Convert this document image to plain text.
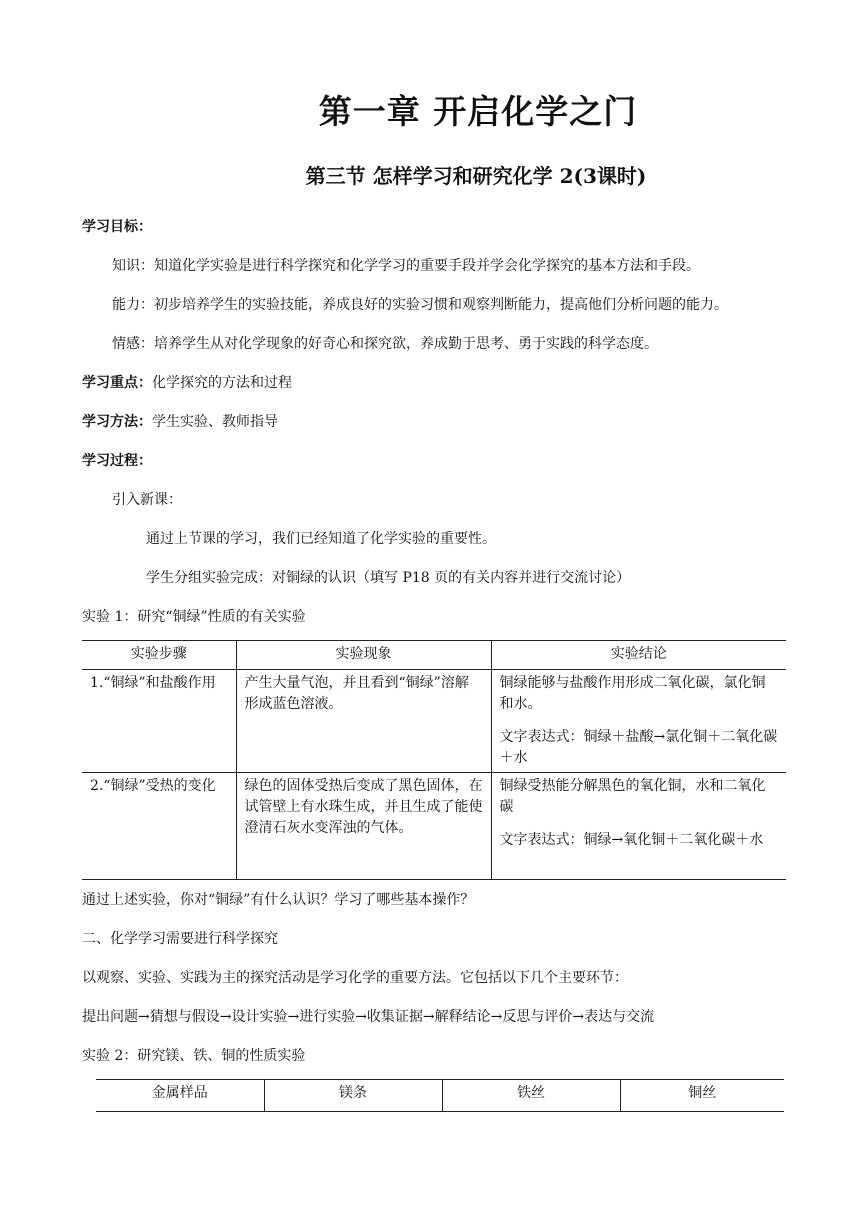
第一章 开启化学之门
第三节 怎样学习和研究化学 2(3课时)
学习目标：
知识：知道化学实验是进行科学探究和化学学习的重要手段并学会化学探究的基本方法和手段。
能力：初步培养学生的实验技能，养成良好的实验习惯和观察判断能力，提高他们分析问题的能力。
情感：培养学生从对化学现象的好奇心和探究欲，养成勤于思考、勇于实践的科学态度。
学习重点：化学探究的方法和过程
学习方法：学生实验、教师指导
学习过程：
引入新课：
通过上节课的学习，我们已经知道了化学实验的重要性。
学生分组实验完成：对铜绿的认识（填写 P18 页的有关内容并进行交流讨论）
实验 1：研究“铜绿”性质的有关实验
实验步骤	实验现象	实验结论

1.“铜绿”和盐酸作用	产生大量气泡，并且看到“铜绿”溶解形成蓝色溶液。	铜绿能够与盐酸作用形成二氧化碳，氯化铜和水。

文字表达式：铜绿＋盐酸→氯化铜＋二氧化碳＋水

2.“铜绿”受热的变化	绿色的固体受热后变成了黑色固体，在试管壁上有水珠生成，并且生成了能使澄清石灰水变浑浊的气体。	铜绿受热能分解黑色的氧化铜，水和二氧化碳

文字表达式：铜绿→氧化铜＋二氧化碳＋水

通过上述实验，你对“铜绿”有什么认识？学习了哪些基本操作？
二、化学学习需要进行科学探究
以观察、实验、实践为主的探究活动是学习化学的重要方法。它包括以下几个主要环节：
提出问题→猜想与假设→设计实验→进行实验→收集证据→解释结论→反思与评价→表达与交流
实验 2：研究镁、铁、铜的性质实验
金属样品	镁条	铁丝	铜丝
